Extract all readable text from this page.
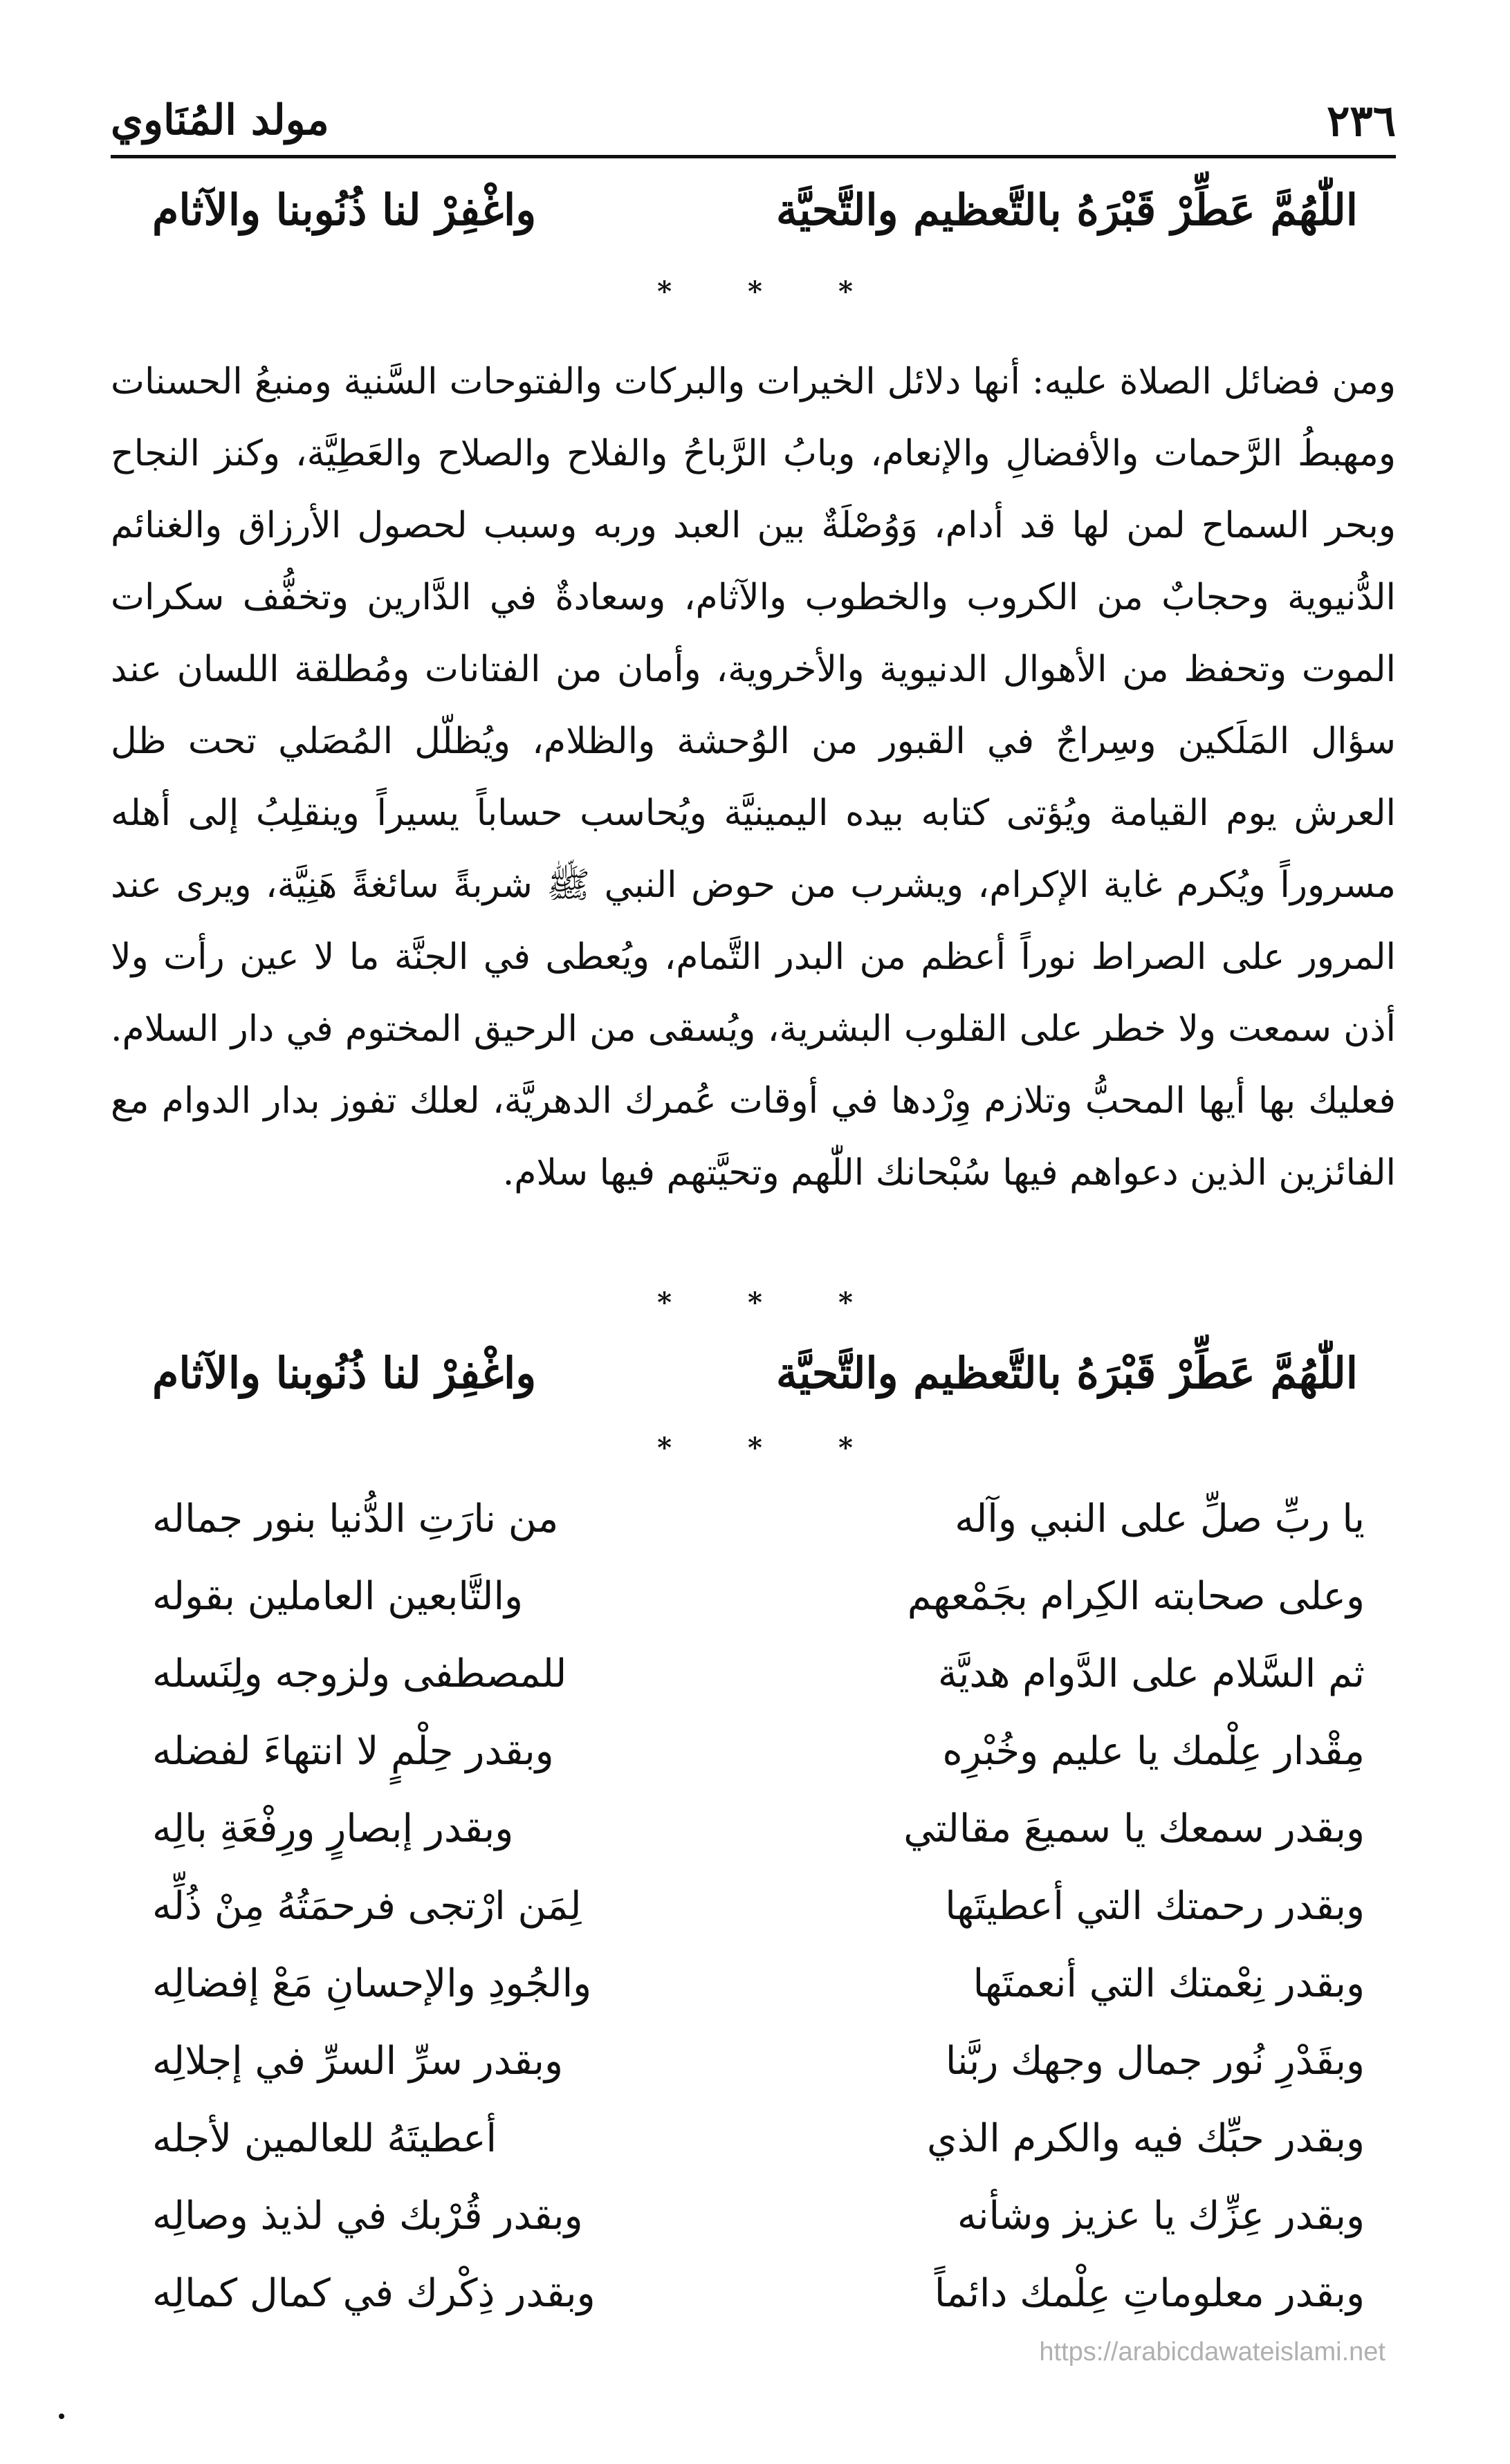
مولد المُنَاوي	٢٣٦
اللّٰهُمَّ عَطِّرْ قَبْرَهُ بالتَّعظيم والتَّحيَّة
واغْفِرْ لنا ذُنُوبنا والآثام
*	*	*
ومن فضائل الصلاة عليه: أنها دلائل الخيرات والبركات والفتوحات السَّنية ومنبعُ الحسنات ومهبطُ الرَّحمات والأفضالِ والإنعام، وبابُ الرَّباحُ والفلاح والصلاح والعَطِيَّة، وكنز النجاح وبحر السماح لمن لها قد أدام، وَوُصْلَةٌ بين العبد وربه وسبب لحصول الأرزاق والغنائم الدُّنيوية وحجابٌ من الكروب والخطوب والآثام، وسعادةٌ في الدَّارين وتخفُّف سكرات الموت وتحفظ من الأهوال الدنيوية والأخروية، وأمان من الفتانات ومُطلقة اللسان عند سؤال المَلَكين وسِراجٌ في القبور من الوُحشة والظلام، ويُظلّل المُصَلي تحت ظل العرش يوم القيامة ويُؤتى كتابه بيده اليمينيَّة ويُحاسب حساباً يسيراً وينقلِبُ إلى أهله مسروراً ويُكرم غاية الإكرام، ويشرب من حوض النبي ﷺ شربةً سائغةً هَنِيَّة، ويرى عند المرور على الصراط نوراً أعظم من البدر التَّمام، ويُعطى في الجنَّة ما لا عين رأت ولا أذن سمعت ولا خطر على القلوب البشرية، ويُسقى من الرحيق المختوم في دار السلام. فعليك بها أيها المحبُّ وتلازم وِرْدها في أوقات عُمرك الدهريَّة، لعلك تفوز بدار الدوام مع الفائزين الذين دعواهم فيها سُبْحانك اللّٰهم وتحيَّتهم فيها سلام.
*	*	*
اللّٰهُمَّ عَطِّرْ قَبْرَهُ بالتَّعظيم والتَّحيَّة
واغْفِرْ لنا ذُنُوبنا والآثام
*	*	*
يا ربِّ صلِّ على النبي وآله
من نارَتِ الدُّنيا بنور جماله
وعلى صحابته الكِرام بجَمْعهم
والتَّابعين العاملين بقوله
ثم السَّلام على الدَّوام هديَّة
للمصطفى ولزوجه ولِنَسله
مِقْدار عِلْمك يا عليم وخُبْرِه
وبقدر حِلْمٍ لا انتهاءَ لفضله
وبقدر سمعك يا سميعَ مقالتي
وبقدر إبصارٍ ورِفْعَةِ بالِه
وبقدر رحمتك التي أعطيتَها
لِمَن ارْتجى فرحمَتُهُ مِنْ ذُلِّه
وبقدر نِعْمتك التي أنعمتَها
والجُودِ والإحسانِ مَعْ إفضالِه
وبقَدْرِ نُور جمال وجهك ربَّنا
وبقدر سرِّ السرِّ في إجلالِه
وبقدر حبِّك فيه والكرم الذي
أعطيتَهُ للعالمين لأجله
وبقدر عِزِّك يا عزيز وشأنه
وبقدر قُرْبك في لذيذ وصالِه
وبقدر معلوماتِ عِلْمك دائماً
وبقدر ذِكْرك في كمال كمالِه
https://arabicdawateislami.net
